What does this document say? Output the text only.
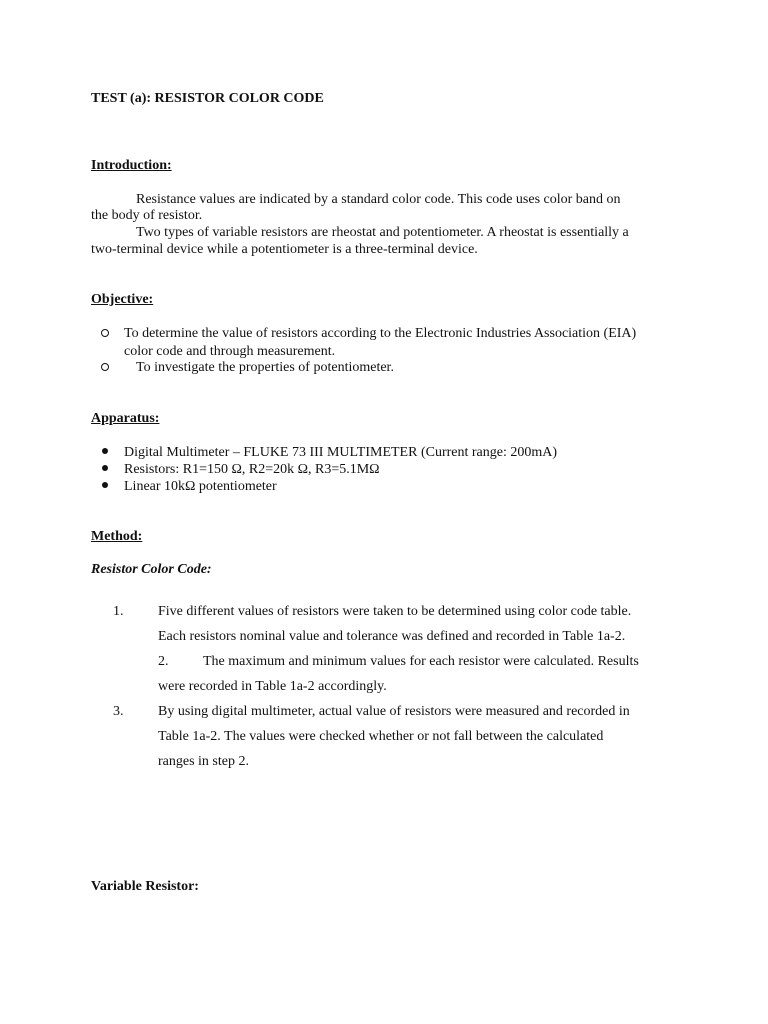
TEST (a): RESISTOR COLOR CODE
Introduction:
Resistance values are indicated by a standard color code. This code uses color band on
the body of resistor.
Two types of variable resistors are rheostat and potentiometer. A rheostat is essentially a
two-terminal device while a potentiometer is a three-terminal device.
Objective:
To determine the value of resistors according to the Electronic Industries Association (EIA)
color code and through measurement.
To investigate the properties of potentiometer.
Apparatus:
Digital Multimeter – FLUKE 73 III MULTIMETER (Current range: 200mA)
Resistors: R1=150 Ω, R2=20k Ω, R3=5.1MΩ
Linear 10kΩ potentiometer
Method:
Resistor Color Code:
1. Five different values of resistors were taken to be determined using color code table.
Each resistors nominal value and tolerance was defined and recorded in Table 1a-2.
2. The maximum and minimum values for each resistor were calculated. Results
were recorded in Table 1a-2 accordingly.
3. By using digital multimeter, actual value of resistors were measured and recorded in
Table 1a-2. The values were checked whether or not fall between the calculated
ranges in step 2.
Variable Resistor:
